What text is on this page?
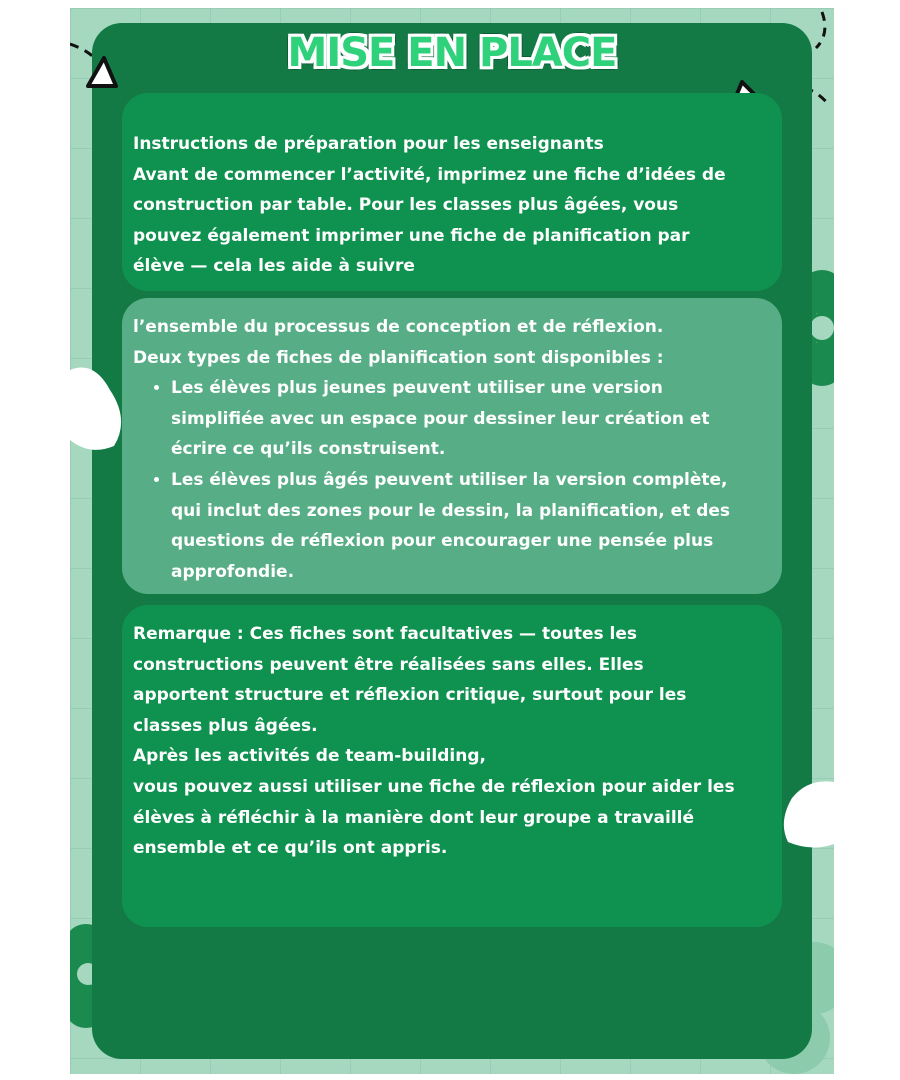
MISE EN PLACE
Instructions de préparation pour les enseignants
Avant de commencer l’activité, imprimez une fiche d’idées de
construction par table. Pour les classes plus âgées, vous
pouvez également imprimer une fiche de planification par
élève — cela les aide à suivre
l’ensemble du processus de conception et de réflexion.
Deux types de fiches de planification sont disponibles :
• Les élèves plus jeunes peuvent utiliser une version simplifiée avec un espace pour dessiner leur création et écrire ce qu’ils construisent.
• Les élèves plus âgés peuvent utiliser la version complète, qui inclut des zones pour le dessin, la planification, et des questions de réflexion pour encourager une pensée plus approfondie.
Remarque : Ces fiches sont facultatives — toutes les
constructions peuvent être réalisées sans elles. Elles
apportent structure et réflexion critique, surtout pour les
classes plus âgées.
Après les activités de team-building,
vous pouvez aussi utiliser une fiche de réflexion pour aider les
élèves à réfléchir à la manière dont leur groupe a travaillé
ensemble et ce qu’ils ont appris.
